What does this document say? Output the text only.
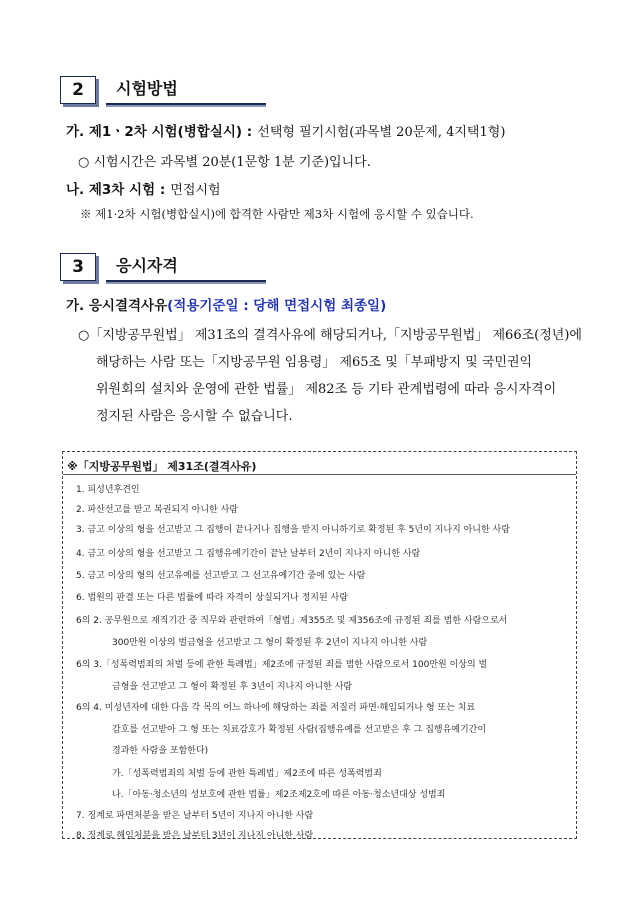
2	시험방법
가. 제1ㆍ2차 시험(병합실시) : 선택형 필기시험(과목별 20문제, 4지택1형)
○ 시험시간은 과목별 20분(1문항 1분 기준)입니다.
나. 제3차 시험 : 면접시험
※ 제1·2차 시험(병합실시)에 합격한 사람만 제3차 시험에 응시할 수 있습니다.
3	응시자격
가. 응시결격사유(적용기준일 : 당해 면접시험 최종일)
○「지방공무원법」 제31조의 결격사유에 해당되거나,「지방공무원법」 제66조(정년)에
해당하는 사람 또는「지방공무원 임용령」 제65조 및「부패방지 및 국민권익
위원회의 설치와 운영에 관한 법률」 제82조 등 기타 관계법령에 따라 응시자격이
정지된 사람은 응시할 수 없습니다.
※「지방공무원법」 제31조(결격사유)
1. 피성년후견인
2. 파산선고를 받고 복권되지 아니한 사람
3. 금고 이상의 형을 선고받고 그 집행이 끝나거나 집행을 받지 아니하기로 확정된 후 5년이 지나지 아니한 사람
4. 금고 이상의 형을 선고받고 그 집행유예기간이 끝난 날부터 2년이 지나지 아니한 사람
5. 금고 이상의 형의 선고유예를 선고받고 그 선고유예기간 중에 있는 사람
6. 법원의 판결 또는 다른 법률에 따라 자격이 상실되거나 정지된 사람
6의 2. 공무원으로 재직기간 중 직무와 관련하여「형법」제355조 및 제356조에 규정된 죄를 범한 사람으로서
300만원 이상의 벌금형을 선고받고 그 형이 확정된 후 2년이 지나지 아니한 사람
6의 3.「성폭력범죄의 처벌 등에 관한 특례법」제2조에 규정된 죄를 범한 사람으로서 100만원 이상의 벌
금형을 선고받고 그 형이 확정된 후 3년이 지나지 아니한 사람
6의 4. 미성년자에 대한 다음 각 목의 어느 하나에 해당하는 죄를 저질러 파면·해임되거나 형 또는 치료
감호를 선고받아 그 형 또는 치료감호가 확정된 사람(집행유예를 선고받은 후 그 집행유예기간이
경과한 사람을 포함한다)
가.「성폭력범죄의 처벌 등에 관한 특례법」제2조에 따른 성폭력범죄
나.「아동·청소년의 성보호에 관한 법률」제2조제2호에 따른 아동·청소년대상 성범죄
7. 징계로 파면처분을 받은 날부터 5년이 지나지 아니한 사람
8. 징계로 해임처분을 받은 날부터 3년이 지나지 아니한 사람
